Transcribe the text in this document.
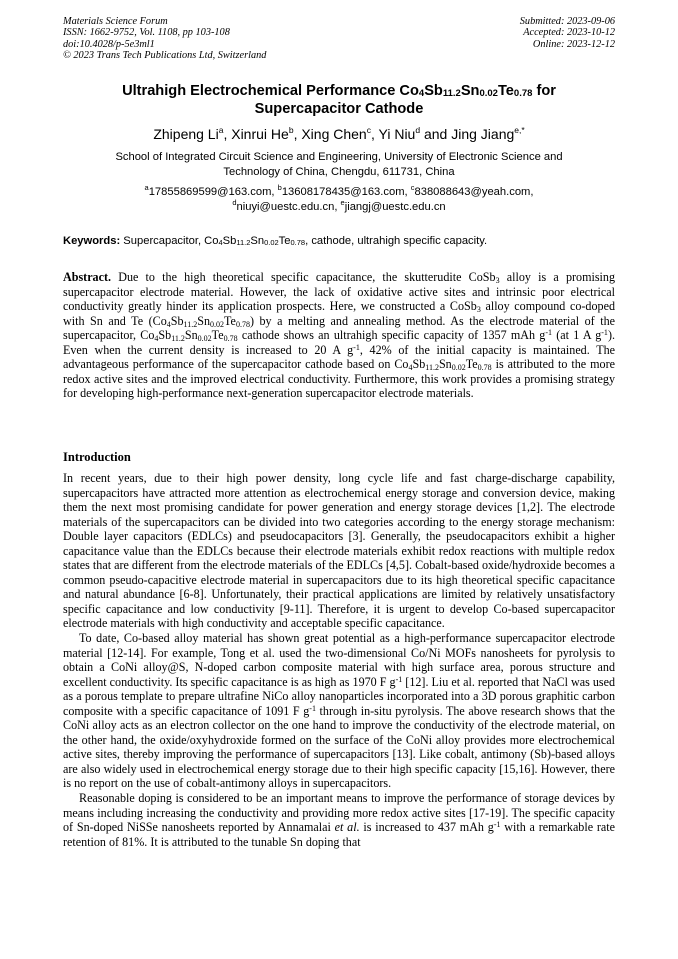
Materials Science Forum
ISSN: 1662-9752, Vol. 1108, pp 103-108
doi:10.4028/p-5e3ml1
© 2023 Trans Tech Publications Ltd, Switzerland
Submitted: 2023-09-06
Accepted: 2023-10-12
Online: 2023-12-12
Ultrahigh Electrochemical Performance $Co_4Sb_{11.2}Sn_{0.02}Te_{0.78}$ for
Supercapacitor Cathode
Zhipeng Li$^a$, Xinrui He$^b$, Xing Chen$^c$, Yi Niu$^d$ and Jing Jiang$^{e,*}$
School of Integrated Circuit Science and Engineering, University of Electronic Science and
Technology of China, Chengdu, 611731, China
$^a$17855869599@163.com, $^b$13608178435@163.com, $^c$838088643@yeah.com,
$^d$niuyi@uestc.edu.cn, $^e$jiangj@uestc.edu.cn
Keywords: Supercapacitor, $Co_4Sb_{11.2}Sn_{0.02}Te_{0.78}$, cathode, ultrahigh specific capacity.
Abstract. Due to the high theoretical specific capacitance, the skutterudite CoSb$_3$ alloy is a promising supercapacitor electrode material. However, the lack of oxidative active sites and intrinsic poor electrical conductivity greatly hinder its application prospects. Here, we constructed a CoSb$_3$ alloy compound co-doped with Sn and Te $(Co_4Sb_{11.2}Sn_{0.02}Te_{0.78})$ by a melting and annealing method. As the electrode material of the supercapacitor, $Co_4Sb_{11.2}Sn_{0.02}Te_{0.78}$ cathode shows an ultrahigh specific capacity of 1357 mAh $g^{-1}$ (at 1 A $g^{-1}$). Even when the current density is increased to 20 A $g^{-1}$, 42% of the initial capacity is maintained. The advantageous performance of the supercapacitor cathode based on $Co_4Sb_{11.2}Sn_{0.02}Te_{0.78}$ is attributed to the more redox active sites and the improved electrical conductivity. Furthermore, this work provides a promising strategy for developing high-performance next-generation supercapacitor electrode materials.
Introduction

In recent years, due to their high power density, long cycle life and fast charge-discharge capability, supercapacitors have attracted more attention as electrochemical energy storage and conversion device, making them the next most promising candidate for power generation and energy storage devices [1,2]. The electrode materials of the supercapacitors can be divided into two categories according to the energy storage mechanism: Double layer capacitors (EDLCs) and pseudocapacitors [3]. Generally, the pseudocapacitors exhibit a higher capacitance value than the EDLCs because their electrode materials exhibit redox reactions with multiple redox states that are different from the electrode materials of the EDLCs [4,5]. Cobalt-based oxide/hydroxide becomes a common pseudo-capacitive electrode material in supercapacitors due to its high theoretical specific capacitance and natural abundance [6-8]. Unfortunately, their practical applications are limited by relatively unsatisfactory specific capacitance and low conductivity [9-11]. Therefore, it is urgent to develop Co-based supercapacitor electrode materials with high conductivity and acceptable specific capacitance.

To date, Co-based alloy material has shown great potential as a high-performance supercapacitor electrode material [12-14]. For example, Tong et al. used the two-dimensional Co/Ni MOFs nanosheets for pyrolysis to obtain a CoNi alloy@S, N-doped carbon composite material with high surface area, porous structure and excellent conductivity. Its specific capacitance is as high as 1970 F $g^{-1}$ [12]. Liu et al. reported that NaCl was used as a porous template to prepare ultrafine NiCo alloy nanoparticles incorporated into a 3D porous graphitic carbon composite with a specific capacitance of 1091 F $g^{-1}$ through in-situ pyrolysis. The above research shows that the CoNi alloy acts as an electron collector on the one hand to improve the conductivity of the electrode material, on the other hand, the oxide/oxyhydroxide formed on the surface of the CoNi alloy provides more electrochemical active sites, thereby improving the performance of supercapacitors [13]. Like cobalt, antimony (Sb)-based alloys are also widely used in electrochemical energy storage due to their high specific capacity [15,16]. However, there is no report on the use of cobalt-antimony alloys in supercapacitors.

Reasonable doping is considered to be an important means to improve the performance of storage devices by means including increasing the conductivity and providing more redox active sites [17-19]. The specific capacity of Sn-doped NiSSe nanosheets reported by Annamalai et al. is increased to 437 mAh $g^{-1}$ with a remarkable rate retention of 81%. It is attributed to the tunable Sn doping that
